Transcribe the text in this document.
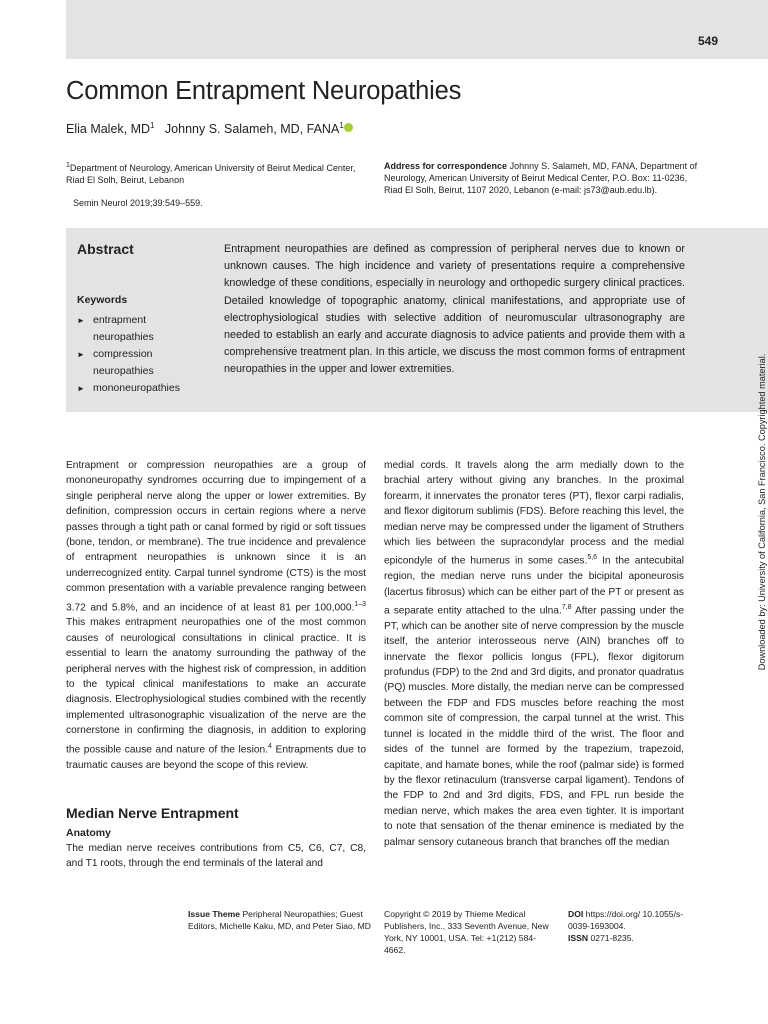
549
Common Entrapment Neuropathies
Elia Malek, $MD^1$ Johnny S. Salameh, MD, FANA$^1$
$^1$Department of Neurology, American University of Beirut Medical Center, Riad El Solh, Beirut, Lebanon
Semin Neurol 2019;39:549–559.
Address for correspondence Johnny S. Salameh, MD, FANA, Department of Neurology, American University of Beirut Medical Center, P.O. Box: 11-0236, Riad El Solh, Beirut, 1107 2020, Lebanon (e-mail: js73@aub.edu.lb).
Abstract
Keywords
► entrapment neuropathies
► compression neuropathies
► mononeuropathies
Entrapment neuropathies are defined as compression of peripheral nerves due to known or unknown causes. The high incidence and variety of presentations require a comprehensive knowledge of these conditions, especially in neurology and orthopedic surgery clinical practices. Detailed knowledge of topographic anatomy, clinical manifestations, and appropriate use of electrophysiological studies with selective addition of neuromuscular ultrasonography are needed to establish an early and accurate diagnosis to advice patients and provide them with a comprehensive treatment plan. In this article, we discuss the most common forms of entrapment neuropathies in the upper and lower extremities.	Downloaded by: University of California, San Francisco. Copyrighted material.

Entrapment or compression neuropathies are a group of mononeuropathy syndromes occurring due to impingement of a single peripheral nerve along the upper or lower extremities. By definition, compression occurs in certain regions where a nerve passes through a tight path or canal formed by rigid or soft tissues (bone, tendon, or membrane). The true incidence and prevalence of entrapment neuropathies is unknown since it is an underrecognized entity. Carpal tunnel syndrome (CTS) is the most common presentation with a variable prevalence ranging between 3.72 and 5.8%, and an incidence of at least 81 per 100,000.$^{1-3}$ This makes entrapment neuropathies one of the most common causes of neurological consultations in clinical practice. It is essential to learn the anatomy surrounding the pathway of the peripheral nerves with the highest risk of compression, in addition to the typical clinical manifestations to make an accurate diagnosis. Electrophysiological studies combined with the recently implemented ultrasonographic visualization of the nerve are the cornerstone in confirming the diagnosis, in addition to exploring the possible cause and nature of the lesion.$^4$ Entrapments due to traumatic causes are beyond the scope of this review.

Median Nerve Entrapment
Anatomy
The median nerve receives contributions from C5, C6, C7, C8, and T1 roots, through the end terminals of the lateral and

medial cords. It travels along the arm medially down to the brachial artery without giving any branches. In the proximal forearm, it innervates the pronator teres (PT), flexor carpi radialis, and flexor digitorum sublimis (FDS). Before reaching this level, the median nerve may be compressed under the ligament of Struthers which lies between the supracondylar process and the medial epicondyle of the humerus in some cases.$^{5,6}$ In the antecubital region, the median nerve runs under the bicipital aponeurosis (lacertus fibrosus) which can be either part of the PT or present as a separate entity attached to the ulna.$^{7,8}$ After passing under the PT, which can be another site of nerve compression by the muscle itself, the anterior interosseous nerve (AIN) branches off to innervate the flexor pollicis longus (FPL), flexor digitorum profundus (FDP) to the 2nd and 3rd digits, and pronator quadratus (PQ) muscles. More distally, the median nerve can be compressed between the FDP and FDS muscles before reaching the most common site of compression, the carpal tunnel at the wrist. This tunnel is located in the middle third of the wrist. The floor and sides of the tunnel are formed by the trapezium, trapezoid, capitate, and hamate bones, while the roof (palmar side) is formed by the flexor retinaculum (transverse carpal ligament). Tendons of the FDP to 2nd and 3rd digits, FDS, and FPL run beside the median nerve, which makes the area even tighter. It is important to note that sensation of the thenar eminence is mediated by the palmar sensory cutaneous branch that branches off the median

Issue Theme Peripheral Neuropathies; Guest Editors, Michelle Kaku, MD, and Peter Siao, MD
Copyright © 2019 by Thieme Medical Publishers, Inc., 333 Seventh Avenue, New York, NY 10001, USA. Tel: +1(212) 584-4662.
DOI https://doi.org/ 10.1055/s-0039-1693004.
ISSN 0271-8235.
